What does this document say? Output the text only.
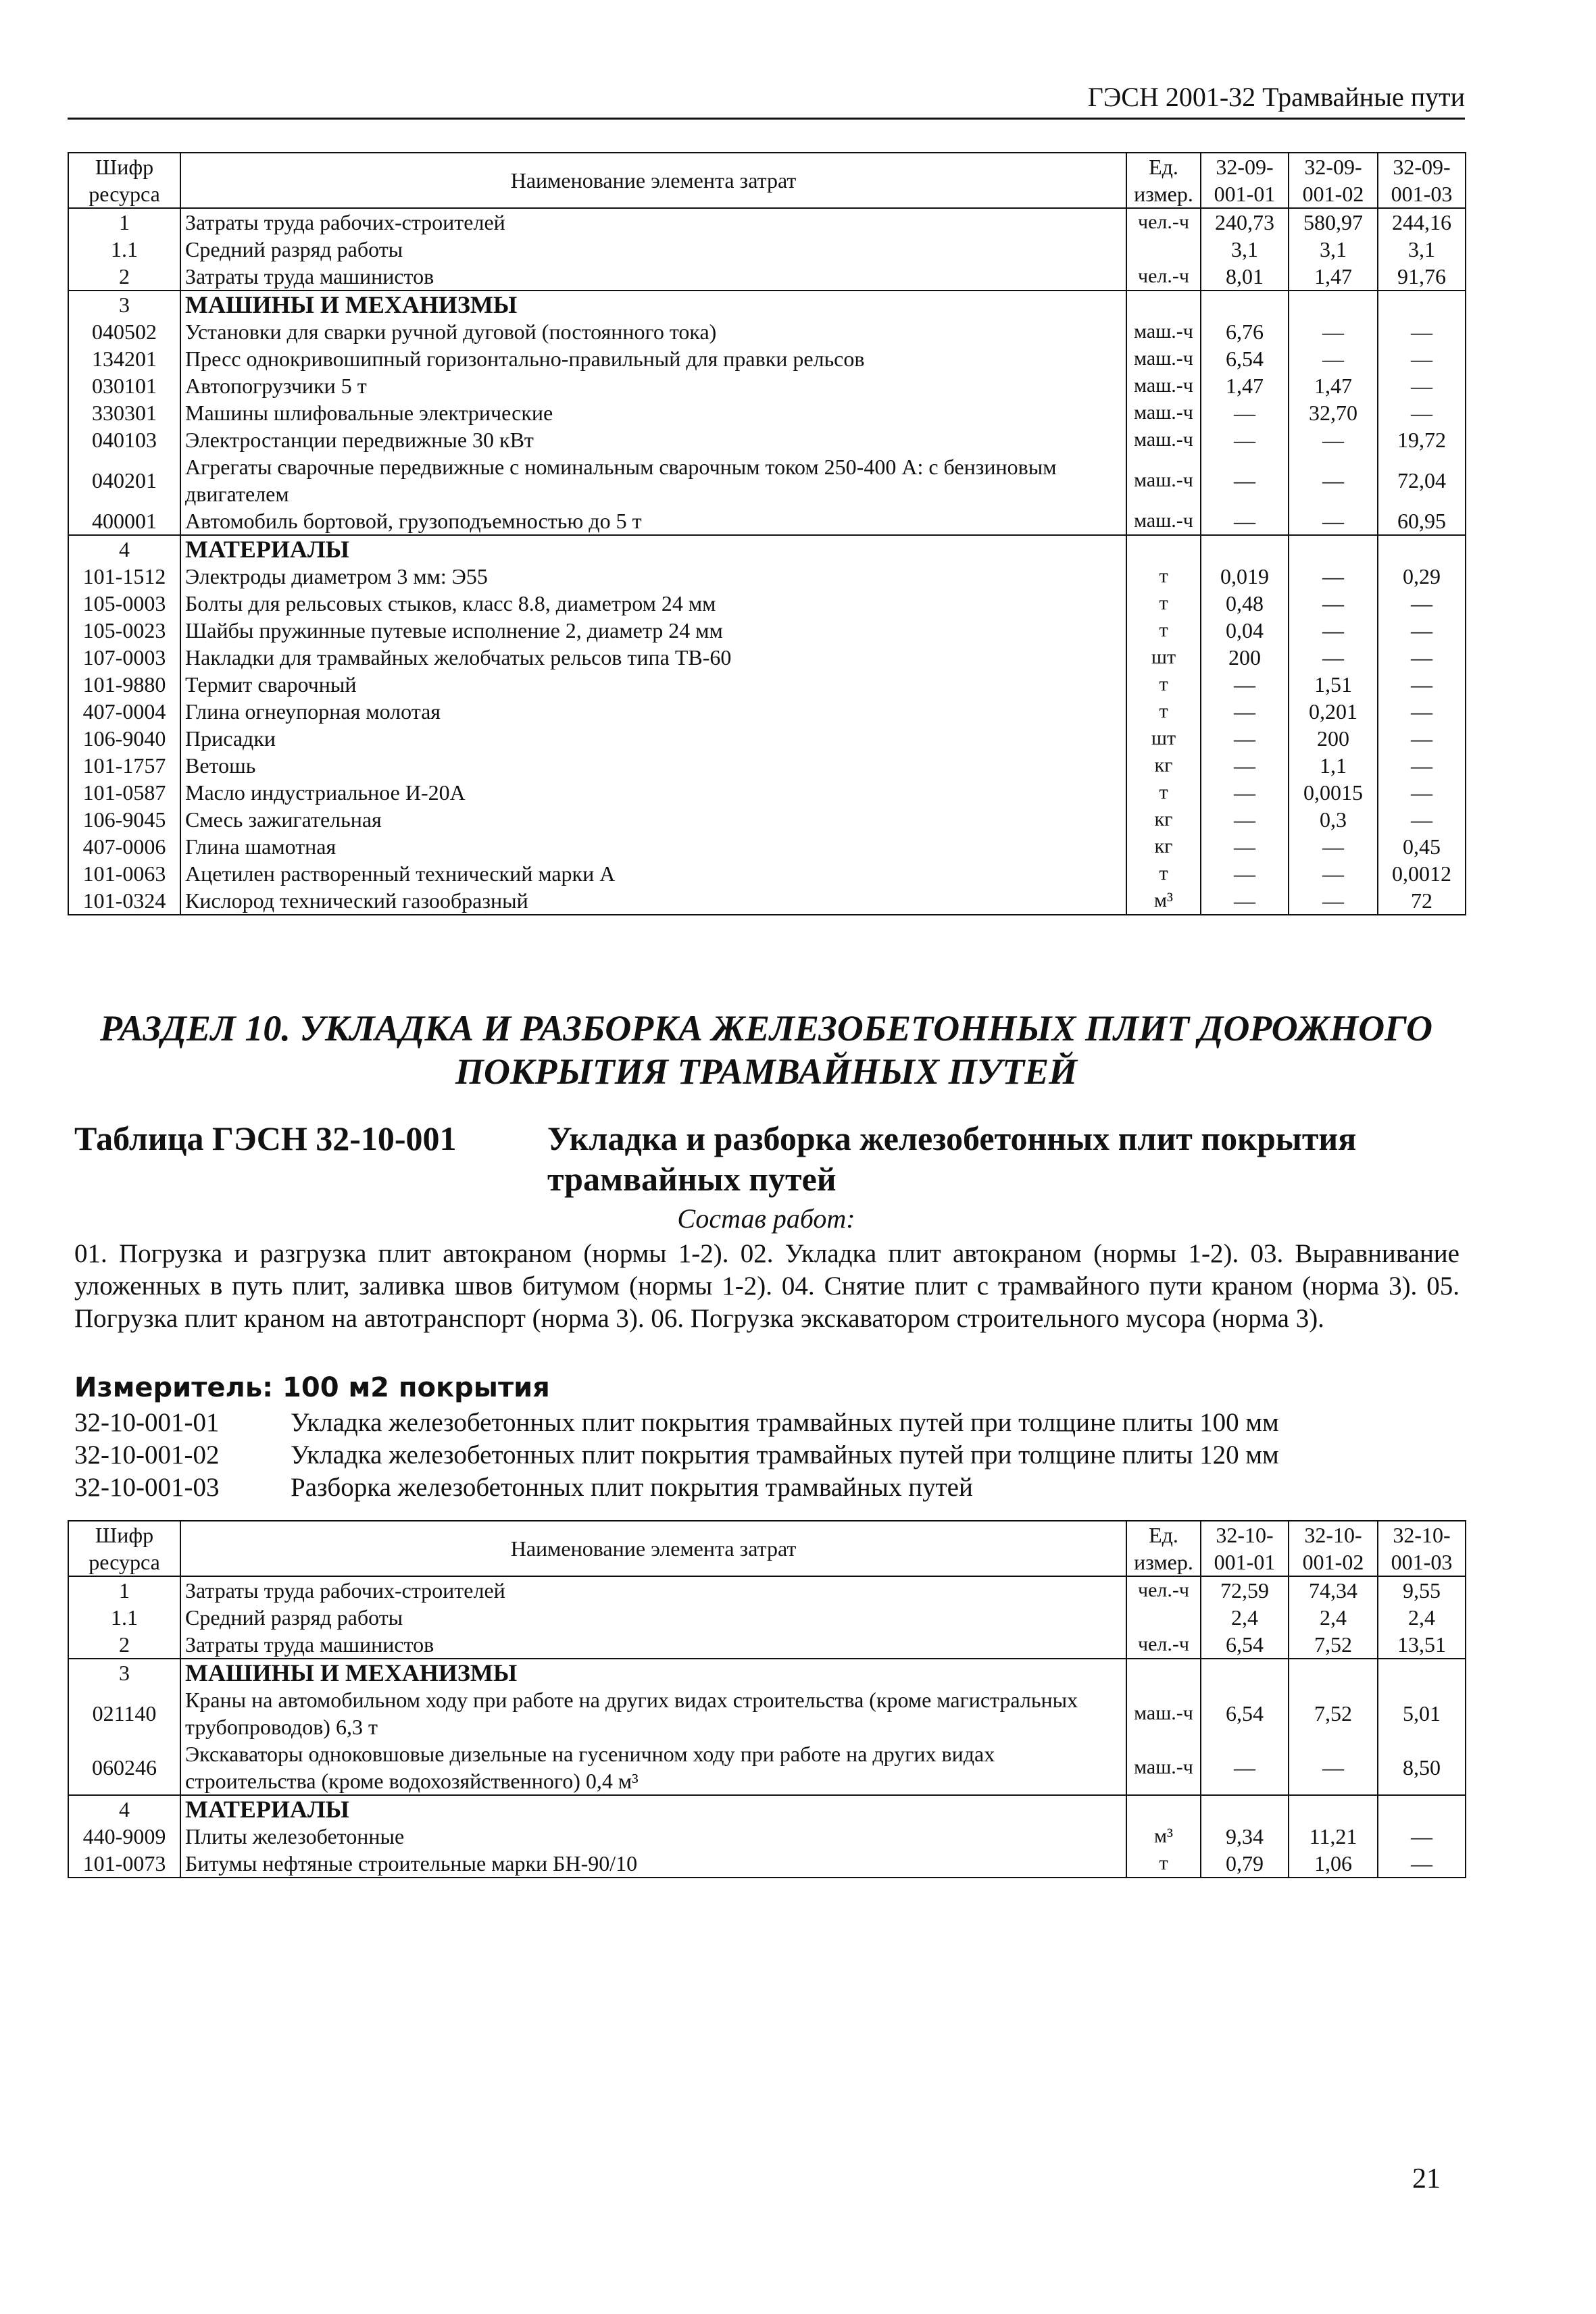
ГЭСН 2001-32 Трамвайные пути
Шифр ресурса	Наименование элемента затрат	Ед. измер.	32-09-001-01	32-09-001-02	32-09-001-03
1	Затраты труда рабочих-строителей	чел.-ч	240,73	580,97	244,16
1.1	Средний разряд работы		3,1	3,1	3,1
2	Затраты труда машинистов	чел.-ч	8,01	1,47	91,76
3	МАШИНЫ И МЕХАНИЗМЫ				
040502	Установки для сварки ручной дуговой (постоянного тока)	маш.-ч	6,76	—	—
134201	Пресс однокривошипный горизонтально-правильный для правки рельсов	маш.-ч	6,54	—	—
030101	Автопогрузчики 5 т	маш.-ч	1,47	1,47	—
330301	Машины шлифовальные электрические	маш.-ч	—	32,70	—
040103	Электростанции передвижные 30 кВт	маш.-ч	—	—	19,72
040201	Агрегаты сварочные передвижные с номинальным сварочным током 250-400 А: с бензиновым двигателем	маш.-ч	—	—	72,04
400001	Автомобиль бортовой, грузоподъемностью до 5 т	маш.-ч	—	—	60,95
4	МАТЕРИАЛЫ				
101-1512	Электроды диаметром 3 мм: Э55	т	0,019	—	0,29
105-0003	Болты для рельсовых стыков, класс 8.8, диаметром 24 мм	т	0,48	—	—
105-0023	Шайбы пружинные путевые исполнение 2, диаметр 24 мм	т	0,04	—	—
107-0003	Накладки для трамвайных желобчатых рельсов типа ТВ-60	шт	200	—	—
101-9880	Термит сварочный	т	—	1,51	—
407-0004	Глина огнеупорная молотая	т	—	0,201	—
106-9040	Присадки	шт	—	200	—
101-1757	Ветошь	кг	—	1,1	—
101-0587	Масло индустриальное И-20А	т	—	0,0015	—
106-9045	Смесь зажигательная	кг	—	0,3	—
407-0006	Глина шамотная	кг	—	—	0,45
101-0063	Ацетилен растворенный технический марки А	т	—	—	0,0012
101-0324	Кислород технический газообразный	м³	—	—	72
РАЗДЕЛ 10. УКЛАДКА И РАЗБОРКА ЖЕЛЕЗОБЕТОННЫХ ПЛИТ ДОРОЖНОГО
ПОКРЫТИЯ ТРАМВАЙНЫХ ПУТЕЙ
Таблица ГЭСН 32-10-001	Укладка и разборка железобетонных плит покрытия трамвайных путей
Состав работ:
01. Погрузка и разгрузка плит автокраном (нормы 1-2). 02. Укладка плит автокраном (нормы 1-2). 03. Выравнивание уложенных в путь плит, заливка швов битумом (нормы 1-2). 04. Снятие плит с трамвайного пути краном (норма 3). 05. Погрузка плит краном на автотранспорт (норма 3). 06. Погрузка экскаватором строительного мусора (норма 3).
Измеритель: 100 м2 покрытия
32-10-001-01	Укладка железобетонных плит покрытия трамвайных путей при толщине плиты 100 мм
32-10-001-02	Укладка железобетонных плит покрытия трамвайных путей при толщине плиты 120 мм
32-10-001-03	Разборка железобетонных плит покрытия трамвайных путей
Шифр ресурса	Наименование элемента затрат	Ед. измер.	32-10-001-01	32-10-001-02	32-10-001-03
1	Затраты труда рабочих-строителей	чел.-ч	72,59	74,34	9,55
1.1	Средний разряд работы		2,4	2,4	2,4
2	Затраты труда машинистов	чел.-ч	6,54	7,52	13,51
3	МАШИНЫ И МЕХАНИЗМЫ				
021140	Краны на автомобильном ходу при работе на других видах строительства (кроме магистральных трубопроводов) 6,3 т	маш.-ч	6,54	7,52	5,01
060246	Экскаваторы одноковшовые дизельные на гусеничном ходу при работе на других видах строительства (кроме водохозяйственного) 0,4 м³	маш.-ч	—	—	8,50
4	МАТЕРИАЛЫ				
440-9009	Плиты железобетонные	м³	9,34	11,21	—
101-0073	Битумы нефтяные строительные марки БН-90/10	т	0,79	1,06	—
21
